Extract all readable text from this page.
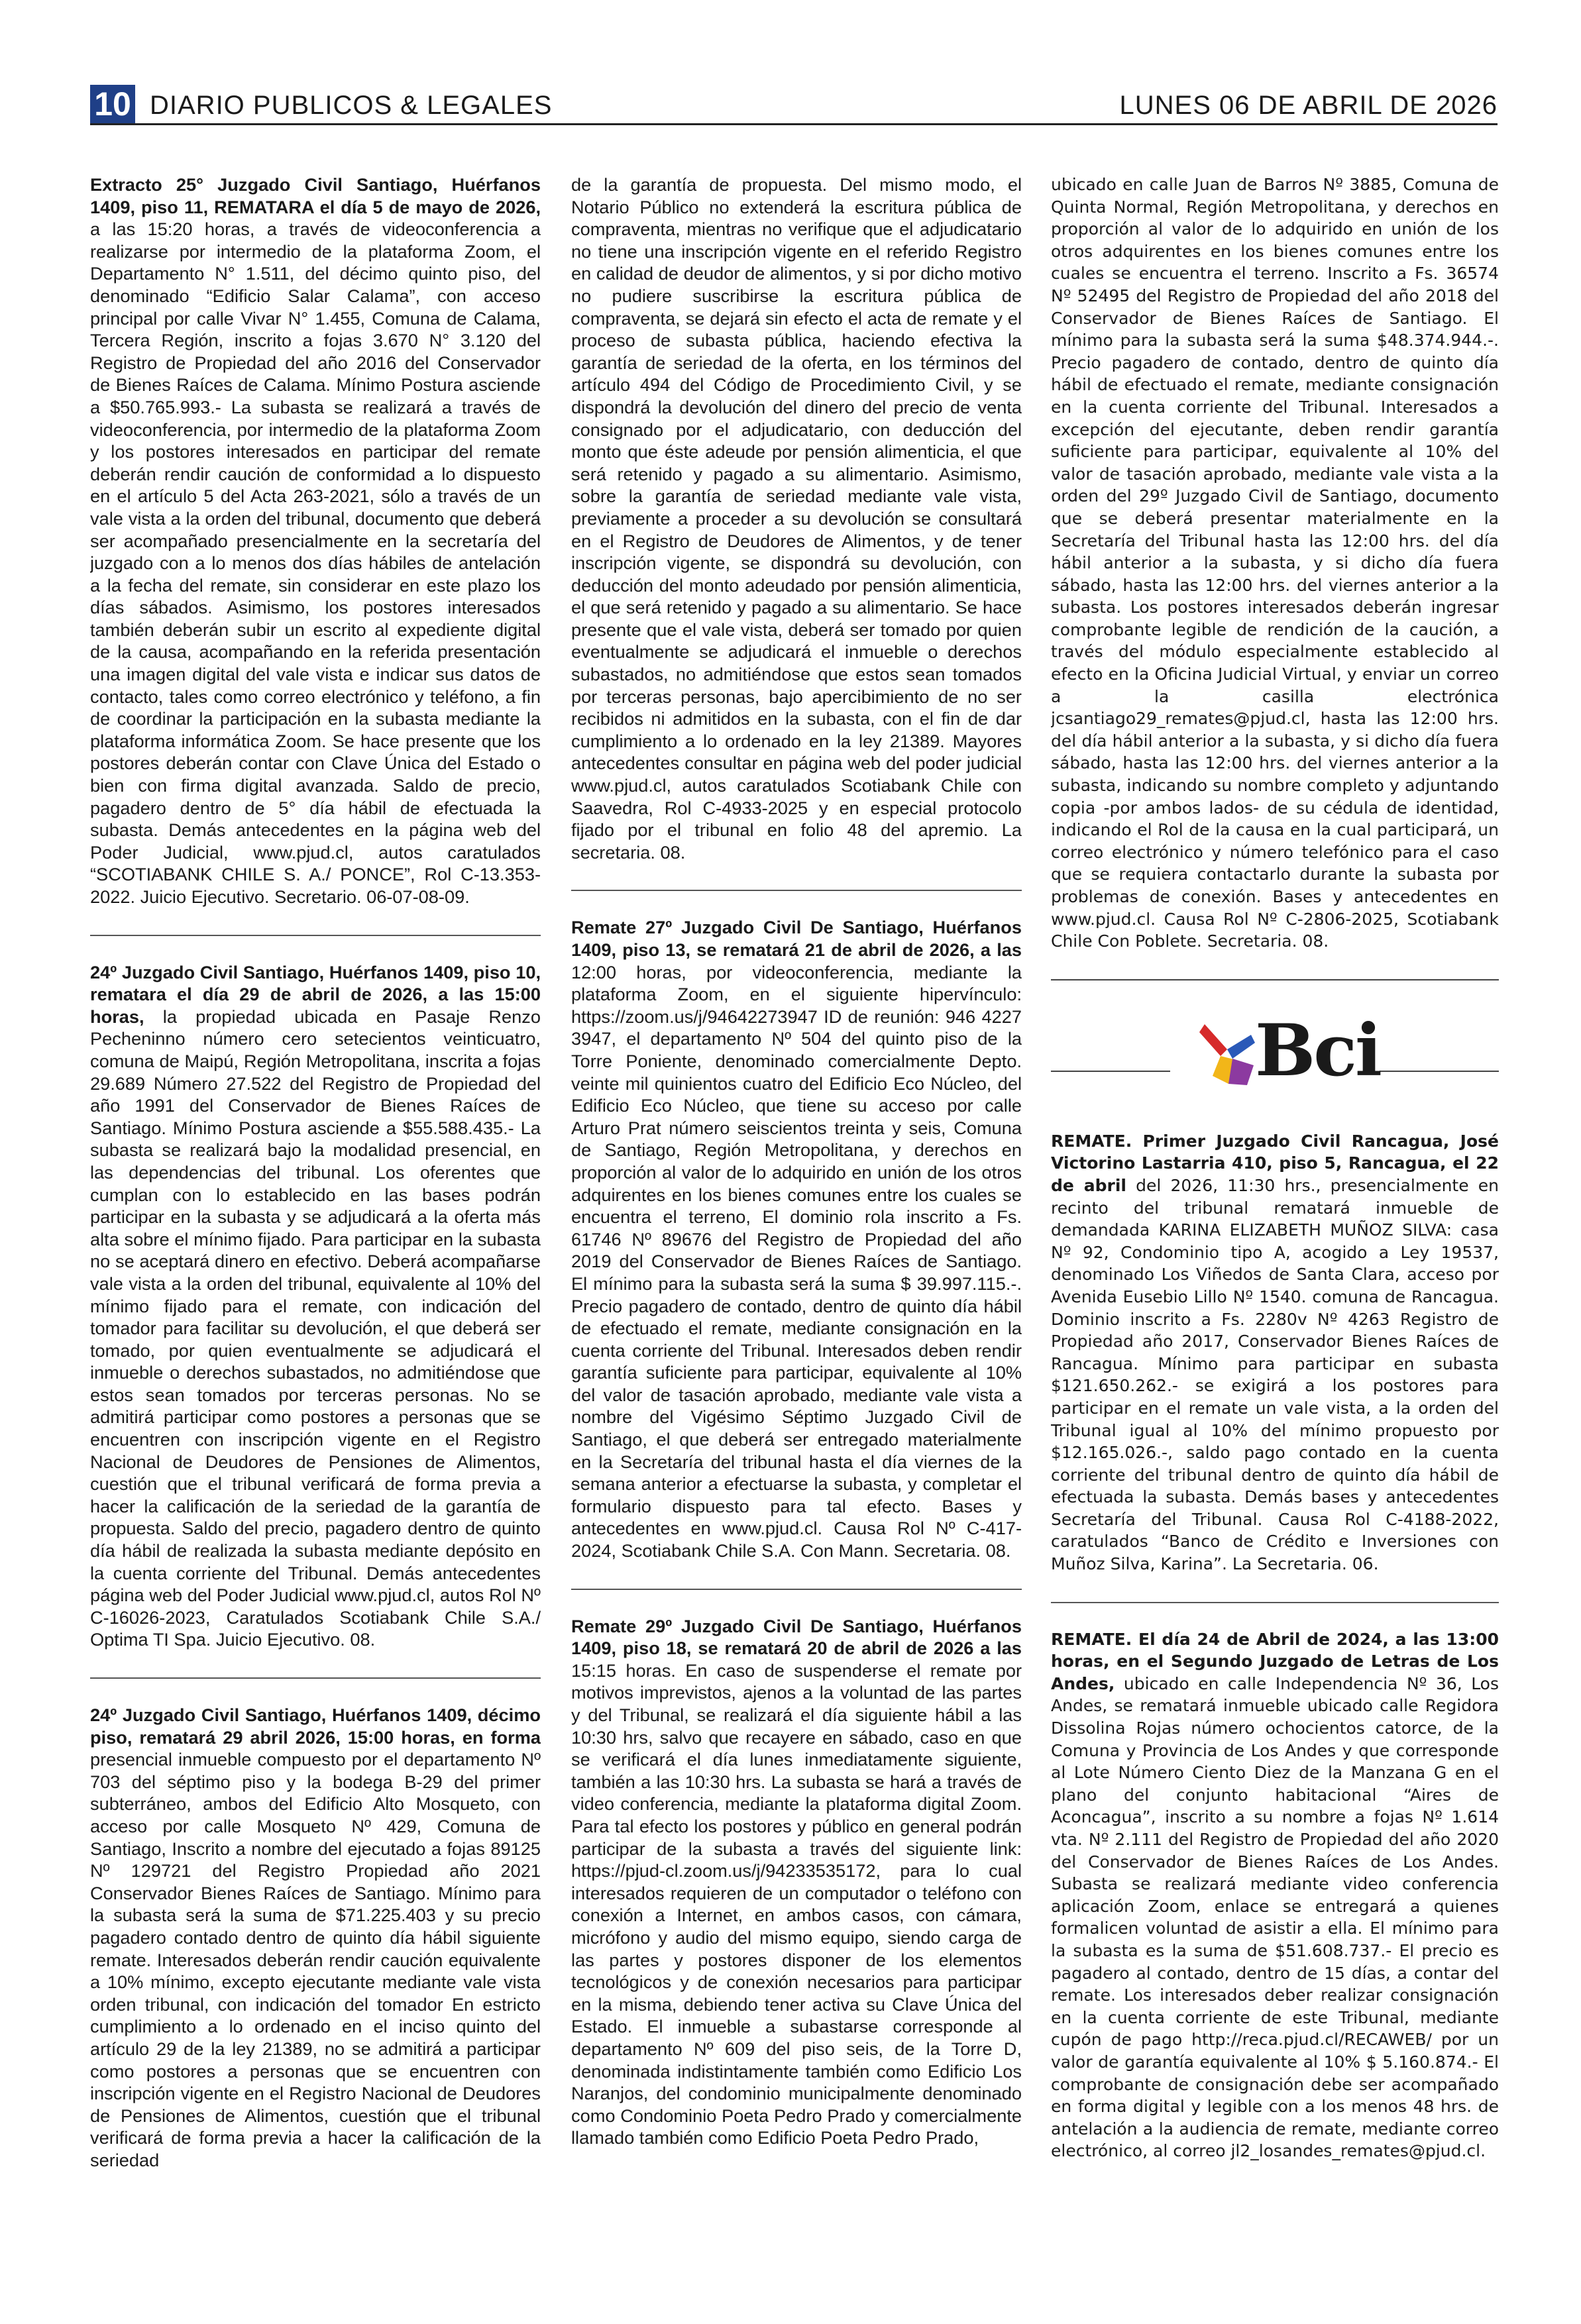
10 DIARIO PUBLICOS & LEGALES	LUNES 06 DE ABRIL DE 2026

Extracto 25° Juzgado Civil Santiago, Huérfanos 1409, piso 11, REMATARA el día 5 de mayo de 2026, a las 15:20 horas, a través de videoconferencia a realizarse por intermedio de la plataforma Zoom, el Departamento N° 1.511, del décimo quinto piso, del denominado “Edificio Salar Calama”, con acceso principal por calle Vivar N° 1.455, Comuna de Calama, Tercera Región, inscrito a fojas 3.670 N° 3.120 del Registro de Propiedad del año 2016 del Conservador de Bienes Raíces de Calama. Mínimo Postura asciende a $50.765.993.- La subasta se realizará a través de videoconferencia, por intermedio de la plataforma Zoom y los postores interesados en participar del remate deberán rendir caución de conformidad a lo dispuesto en el artículo 5 del Acta 263-2021, sólo a través de un vale vista a la orden del tribunal, documento que deberá ser acompañado presencialmente en la secretaría del juzgado con a lo menos dos días hábiles de antelación a la fecha del remate, sin considerar en este plazo los días sábados. Asimismo, los postores interesados también deberán subir un escrito al expediente digital de la causa, acompañando en la referida presentación una imagen digital del vale vista e indicar sus datos de contacto, tales como correo electrónico y teléfono, a fin de coordinar la participación en la subasta mediante la plataforma informática Zoom. Se hace presente que los postores deberán contar con Clave Única del Estado o bien con firma digital avanzada. Saldo de precio, pagadero dentro de 5° día hábil de efectuada la subasta. Demás antecedentes en la página web del Poder Judicial, www.pjud.cl, autos caratulados “SCOTIABANK CHILE S. A./ PONCE”, Rol C-13.353-2022. Juicio Ejecutivo. Secretario. 06-07-08-09.

24º Juzgado Civil Santiago, Huérfanos 1409, piso 10, rematara el día 29 de abril de 2026, a las 15:00 horas, la propiedad ubicada en Pasaje Renzo Pecheninno número cero setecientos veinticuatro, comuna de Maipú, Región Metropolitana, inscrita a fojas 29.689 Número 27.522 del Registro de Propiedad del año 1991 del Conservador de Bienes Raíces de Santiago. Mínimo Postura asciende a $55.588.435.- La subasta se realizará bajo la modalidad presencial, en las dependencias del tribunal. Los oferentes que cumplan con lo establecido en las bases podrán participar en la subasta y se adjudicará a la oferta más alta sobre el mínimo fijado. Para participar en la subasta no se aceptará dinero en efectivo. Deberá acompañarse vale vista a la orden del tribunal, equivalente al 10% del mínimo fijado para el remate, con indicación del tomador para facilitar su devolución, el que deberá ser tomado, por quien eventualmente se adjudicará el inmueble o derechos subastados, no admitiéndose que estos sean tomados por terceras personas. No se admitirá participar como postores a personas que se encuentren con inscripción vigente en el Registro Nacional de Deudores de Pensiones de Alimentos, cuestión que el tribunal verificará de forma previa a hacer la calificación de la seriedad de la garantía de propuesta. Saldo del precio, pagadero dentro de quinto día hábil de realizada la subasta mediante depósito en la cuenta corriente del Tribunal. Demás antecedentes página web del Poder Judicial www.pjud.cl, autos Rol Nº C-16026-2023, Caratulados Scotiabank Chile S.A./ Optima TI Spa. Juicio Ejecutivo. 08.

24º Juzgado Civil Santiago, Huérfanos 1409, décimo piso, rematará 29 abril 2026, 15:00 horas, en forma presencial inmueble compuesto por el departamento Nº 703 del séptimo piso y la bodega B-29 del primer subterráneo, ambos del Edificio Alto Mosqueto, con acceso por calle Mosqueto Nº 429, Comuna de Santiago, Inscrito a nombre del ejecutado a fojas 89125 Nº 129721 del Registro Propiedad año 2021 Conservador Bienes Raíces de Santiago. Mínimo para la subasta será la suma de $71.225.403 y su precio pagadero contado dentro de quinto día hábil siguiente remate. Interesados deberán rendir caución equivalente a 10% mínimo, excepto ejecutante mediante vale vista orden tribunal, con indicación del tomador En estricto cumplimiento a lo ordenado en el inciso quinto del artículo 29 de la ley 21389, no se admitirá a participar como postores a personas que se encuentren con inscripción vigente en el Registro Nacional de Deudores de Pensiones de Alimentos, cuestión que el tribunal verificará de forma previa a hacer la calificación de la seriedad

de la garantía de propuesta. Del mismo modo, el Notario Público no extenderá la escritura pública de compraventa, mientras no verifique que el adjudicatario no tiene una inscripción vigente en el referido Registro en calidad de deudor de alimentos, y si por dicho motivo no pudiere suscribirse la escritura pública de compraventa, se dejará sin efecto el acta de remate y el proceso de subasta pública, haciendo efectiva la garantía de seriedad de la oferta, en los términos del artículo 494 del Código de Procedimiento Civil, y se dispondrá la devolución del dinero del precio de venta consignado por el adjudicatario, con deducción del monto que éste adeude por pensión alimenticia, el que será retenido y pagado a su alimentario. Asimismo, sobre la garantía de seriedad mediante vale vista, previamente a proceder a su devolución se consultará en el Registro de Deudores de Alimentos, y de tener inscripción vigente, se dispondrá su devolución, con deducción del monto adeudado por pensión alimenticia, el que será retenido y pagado a su alimentario. Se hace presente que el vale vista, deberá ser tomado por quien eventualmente se adjudicará el inmueble o derechos subastados, no admitiéndose que estos sean tomados por terceras personas, bajo apercibimiento de no ser recibidos ni admitidos en la subasta, con el fin de dar cumplimiento a lo ordenado en la ley 21389. Mayores antecedentes consultar en página web del poder judicial www.pjud.cl, autos caratulados Scotiabank Chile con Saavedra, Rol C-4933-2025 y en especial protocolo fijado por el tribunal en folio 48 del apremio. La secretaria. 08.

Remate 27º Juzgado Civil De Santiago, Huérfanos 1409, piso 13, se rematará 21 de abril de 2026, a las 12:00 horas, por videoconferencia, mediante la plataforma Zoom, en el siguiente hipervínculo: https://zoom.us/j/94642273947 ID de reunión: 946 4227 3947, el departamento Nº 504 del quinto piso de la Torre Poniente, denominado comercialmente Depto. veinte mil quinientos cuatro del Edificio Eco Núcleo, del Edificio Eco Núcleo, que tiene su acceso por calle Arturo Prat número seiscientos treinta y seis, Comuna de Santiago, Región Metropolitana, y derechos en proporción al valor de lo adquirido en unión de los otros adquirentes en los bienes comunes entre los cuales se encuentra el terreno, El dominio rola inscrito a Fs. 61746 Nº 89676 del Registro de Propiedad del año 2019 del Conservador de Bienes Raíces de Santiago. El mínimo para la subasta será la suma $ 39.997.115.-. Precio pagadero de contado, dentro de quinto día hábil de efectuado el remate, mediante consignación en la cuenta corriente del Tribunal. Interesados deben rendir garantía suficiente para participar, equivalente al 10% del valor de tasación aprobado, mediante vale vista a nombre del Vigésimo Séptimo Juzgado Civil de Santiago, el que deberá ser entregado materialmente en la Secretaría del tribunal hasta el día viernes de la semana anterior a efectuarse la subasta, y completar el formulario dispuesto para tal efecto. Bases y antecedentes en www.pjud.cl. Causa Rol Nº C-417-2024, Scotiabank Chile S.A. Con Mann. Secretaria. 08.

Remate 29º Juzgado Civil De Santiago, Huérfanos 1409, piso 18, se rematará 20 de abril de 2026 a las 15:15 horas. En caso de suspenderse el remate por motivos imprevistos, ajenos a la voluntad de las partes y del Tribunal, se realizará el día siguiente hábil a las 10:30 hrs, salvo que recayere en sábado, caso en que se verificará el día lunes inmediatamente siguiente, también a las 10:30 hrs. La subasta se hará a través de video conferencia, mediante la plataforma digital Zoom. Para tal efecto los postores y público en general podrán participar de la subasta a través del siguiente link: https://pjud-cl.zoom.us/j/94233535172, para lo cual interesados requieren de un computador o teléfono con conexión a Internet, en ambos casos, con cámara, micrófono y audio del mismo equipo, siendo carga de las partes y postores disponer de los elementos tecnológicos y de conexión necesarios para participar en la misma, debiendo tener activa su Clave Única del Estado. El inmueble a subastarse corresponde al departamento Nº 609 del piso seis, de la Torre D, denominada indistintamente también como Edificio Los Naranjos, del condominio municipalmente denominado como Condominio Poeta Pedro Prado y comercialmente llamado también como Edificio Poeta Pedro Prado,

ubicado en calle Juan de Barros Nº 3885, Comuna de Quinta Normal, Región Metropolitana, y derechos en proporción al valor de lo adquirido en unión de los otros adquirentes en los bienes comunes entre los cuales se encuentra el terreno. Inscrito a Fs. 36574 Nº 52495 del Registro de Propiedad del año 2018 del Conservador de Bienes Raíces de Santiago. El mínimo para la subasta será la suma $48.374.944.-. Precio pagadero de contado, dentro de quinto día hábil de efectuado el remate, mediante consignación en la cuenta corriente del Tribunal. Interesados a excepción del ejecutante, deben rendir garantía suficiente para participar, equivalente al 10% del valor de tasación aprobado, mediante vale vista a la orden del 29º Juzgado Civil de Santiago, documento que se deberá presentar materialmente en la Secretaría del Tribunal hasta las 12:00 hrs. del día hábil anterior a la subasta, y si dicho día fuera sábado, hasta las 12:00 hrs. del viernes anterior a la subasta. Los postores interesados deberán ingresar comprobante legible de rendición de la caución, a través del módulo especialmente establecido al efecto en la Oficina Judicial Virtual, y enviar un correo a la casilla electrónica jcsantiago29_remates@pjud.cl, hasta las 12:00 hrs. del día hábil anterior a la subasta, y si dicho día fuera sábado, hasta las 12:00 hrs. del viernes anterior a la subasta, indicando su nombre completo y adjuntando copia -por ambos lados- de su cédula de identidad, indicando el Rol de la causa en la cual participará, un correo electrónico y número telefónico para el caso que se requiera contactarlo durante la subasta por problemas de conexión. Bases y antecedentes en www.pjud.cl. Causa Rol Nº C-2806-2025, Scotiabank Chile Con Poblete. Secretaria. 08.

Bci

REMATE. Primer Juzgado Civil Rancagua, José Victorino Lastarria 410, piso 5, Rancagua, el 22 de abril del 2026, 11:30 hrs., presencialmente en recinto del tribunal rematará inmueble de demandada KARINA ELIZABETH MUÑOZ SILVA: casa Nº 92, Condominio tipo A, acogido a Ley 19537, denominado Los Viñedos de Santa Clara, acceso por Avenida Eusebio Lillo Nº 1540. comuna de Rancagua. Dominio inscrito a Fs. 2280v Nº 4263 Registro de Propiedad año 2017, Conservador Bienes Raíces de Rancagua. Mínimo para participar en subasta $121.650.262.- se exigirá a los postores para participar en el remate un vale vista, a la orden del Tribunal igual al 10% del mínimo propuesto por $12.165.026.-, saldo pago contado en la cuenta corriente del tribunal dentro de quinto día hábil de efectuada la subasta. Demás bases y antecedentes Secretaría del Tribunal. Causa Rol C-4188-2022, caratulados “Banco de Crédito e Inversiones con Muñoz Silva, Karina”. La Secretaria. 06.

REMATE. El día 24 de Abril de 2024, a las 13:00 horas, en el Segundo Juzgado de Letras de Los Andes, ubicado en calle Independencia Nº 36, Los Andes, se rematará inmueble ubicado calle Regidora Dissolina Rojas número ochocientos catorce, de la Comuna y Provincia de Los Andes y que corresponde al Lote Número Ciento Diez de la Manzana G en el plano del conjunto habitacional “Aires de Aconcagua”, inscrito a su nombre a fojas Nº 1.614 vta. Nº 2.111 del Registro de Propiedad del año 2020 del Conservador de Bienes Raíces de Los Andes. Subasta se realizará mediante video conferencia aplicación Zoom, enlace se entregará a quienes formalicen voluntad de asistir a ella. El mínimo para la subasta es la suma de $51.608.737.- El precio es pagadero al contado, dentro de 15 días, a contar del remate. Los interesados deber realizar consignación en la cuenta corriente de este Tribunal, mediante cupón de pago http://reca.pjud.cl/RECAWEB/ por un valor de garantía equivalente al 10% $ 5.160.874.- El comprobante de consignación debe ser acompañado en forma digital y legible con a los menos 48 hrs. de antelación a la audiencia de remate, mediante correo electrónico, al correo jl2_losandes_remates@pjud.cl.
